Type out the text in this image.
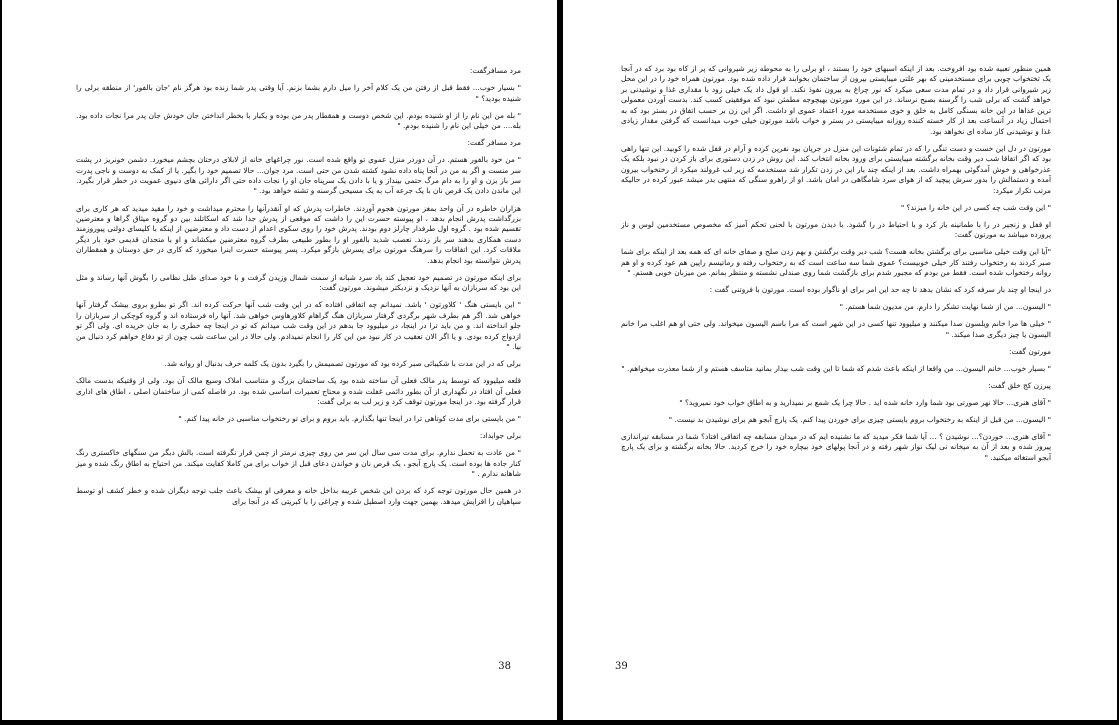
مرد مسافرگفت:

" بسیار خوب... فقط قبل از رفتن من یک کلام آخر را میل دارم بشما بزنم. آیا وقتی پدر شما زنده بود هرگز نام 'جان بالفور' از منطقه برلی را شنیده بودید؟ "

" بله من این نام را از او شنیده بودم. این شخص دوست و همقطار پدر من بوده و یکبار با بخطر انداختن جان خودش جان پدر مرا نجات داده بود. بله.... من خیلی این نام را شنیده بودم. "

مرد مسافر گفت:

" من خود بالفور هستم. در آن دوردر منزل عموی تو واقع شده است. نور چراغهای خانه از لابلای درختان بچشم میخورد. دشمن خونریز در پشت سر منست و اگر به من در آنجا پناه داده نشود کشته شدن من حتی است. مرد جوان... حالا تصمیم خود را بگیر. یا از کمک به دوست و ناجی پدرت سر باز بزن و او را به دام مرگ حتمی بینداز و یا با دادن یک سرپناه جان او را نجات داده حتی اگر دارائی های دنیوی عمویت در خطر قرار بگیرد. این ماندن دادن یک قرص نان با یک جرعه آب به یک مسیحی گرسنه و تشنه خواهد بود. "

هزاران خاطره در آن واحد بمغز مورتون هجوم آوردند. خاطرات پدرش که او آنقدرآنها را محترم میداشت و خود را مقید میدید که هر کاری برای بزرگداشت پدرش انجام بدهد ، او پیوسته حسرت این را داشت که موقعی از پدرش جدا شد که اسکاتلند بین دو گروه میثاق گراها و معترضین تقسیم شده بود . گروه اول طرفدار چارلز دوم بودند. پدرش خود را روی سکوی اعدام از دست داد و معترضین از اینکه با کلیسای دولتی پیوروزمند دست همکاری بدهند سر باز زدند. تعصب شدید بالفور او را بطور طبیعی بطرف گروه معترضین میکشاند و او با متحدان قدیمی خود بار دیگر ملاقات کرد. این اتفاقات را سرهنگ مورتون برای پسرش بازگو میکرد. پسر پیوسته حسرت اینرا میخورد که کاری در حق دوستان و همقطاران پدرش نتوانسته بود انجام بدهد.

برای اینکه مورتون در تصمیم خود تعجیل کند باد سرد شبانه از سمت شمال وزیدن گرفت و با خود صدای طبل نظامی را بگوش آنها رساند و مثل این بود که سربازان به آنها نزدیک و نزدیکتر میشوند. مورتون گفت:

" این بایستی هنگ ' کلاورتون ' باشد. نمیدانم چه اتفاقی افتاده که در این وقت شب آنها حرکت کرده اند. اگر تو بطرو بروی بیشک گرفتار آنها خواهی شد. اگر هم بطرف شهر برگردی گرفتار سربازان هنگ گراهام کلاورهاوس خواهی شد. آنها راه فرستاده اند و گروه کوچکی از سربازان را جلو انداخته اند. و من باید ترا در اینجا، در میلیوود جا بدهم در این وقت شب میدانم که تو در اینجا چه خطری را به جان خریده ای. ولی اگر تو ازدواج کرده بودی. و یا اگر الان تعقیب در کار نبود من این کار را انجام نمیدادم. ولی حالا در این ساعت شب چون از تو دفاع خواهم کرد دنبال من بیا. "

برلی که در این مدت با شکیبائی صبر کرده بود که مورتون تصمیمش را بگیرد بدون یک کلمه حرف بدنبال او روانه شد.

قلعه میلیوود که توسط پدر مالک فعلی آن ساخته شده بود یک ساختمان بزرگ و متناسب املاک وسیع مالک آن بود. ولی از وقتیکه بدست مالک فعلی آن افتاد در نگهداری از آن بطور دائمی غفلت شده و محتاج تعمیرات اساسی شده بود. در فاصله کمی از ساختمان اصلی ، اطاق های اداری قرار گرفته بود. در اینجا مورتون توقف کرد و زیر لب به برلی گفت:

" من بایستی برای مدت کوتاهی ترا در اینجا تنها بگذارم. باید بروم و برای تو رختخواب مناسبی در خانه پیدا کنم. "

برلی جوابداد:

" من عادت به تحمل ندارم. برای مدت سی سال این سر من روی چیزی نرمتر از چمن قرار نگرفته است. بالش دیگر من سنگهای خاکستری رنگ کنار جاده ها بوده است. یک پارچ آبجو ، یک قرص نان و خواندن دعای قبل از خواب برای من کاملا کفایت میکند. من احتیاج به اطاق رنگ شده و میز شاهانه ندارم . "

در همین حال مورتون توجه کرد که بردن این شخص غریبه بداخل خانه و معرفی او بیشک باعث جلب توجه دیگران شده و خطر کشف او توسط سپاهیان را افزایش میدهد. بهمین جهت وارد اصطبل شده و چراغی را با کبریتی که در آنجا برای

38

همین منظور تعبیه شده بود افروخت. بعد از اینکه اسبهای خود را بستند ، او برلی را به محوطه زیر شیروانی که پر از کاه بود برد که در آنجا یک تختخواب چوبی برای مستخدمینی که بهر علتی میبایستی بیرون از ساختمان بخوابند قرار داده شده بود. مورتون همراه خود را در این محل زیر شیروانی قرار داد و در تمام مدت سعی میکرد که نور چراغ به بیرون نفوذ نکند. او قول داد یک خیلی زود با مقداری غذا و نوشیدنی بر خواهد گشت که برلی شب را گرسنه بصبح نرساند. در این مورد مورتون بهیچوجه مطمئن نبود که موفقیتی کسب کند. بدست آوردن معمولی ترین غذاها در این خانه بسنگی کامل به خلق و خوی مستخدمه مورد اعتماد عموی او داشت. اگر این زن بر حسب اتفاق در بستر بود که به احتمال زیاد در آنساعت بعد از کار خسته کننده روزانه میبایستی در بستر و خواب باشد مورتون خیلی خوب میدانست که گرفتن مقدار زیادی غذا و نوشیدنی کار ساده ای نخواهد بود.

مورتون در دل این خست و دست تنگی را که در تمام شئونات این منزل در جریان بود نفرین کرده و آرام در قفل شده را کوبید. این تنها راهی بود که اگر اتفاقا شب دیر وقت بخانه برگشته میبایستی برای ورود بخانه انتخاب کند. این روش در زدن دستوری برای باز کردن در نبود بلکه یک عذرخواهی و خوش آمدگوئی بهمراه داشت. بعد از اینکه چند بار این در زدن تکرار شد مستخدمه که زیر لب غرولند میکرد از رختخواب بیرون آمده و دستمالش را بدور سرش پیچید که از هوای سرد شامگاهی در امان باشد. او از راهرو سنگی که منتهی بدر میشد عبور کرده در حالیکه مرتب تکرار میکرد:

" این وقت شب چه کسی در این خانه را میزند؟ "

او قفل و زنجیر در را با طمانینه باز کرد و با احتیاط در را گشود. با دیدن مورتون با لحنی تحکم آمیز که مخصوص مستخدمین لوس و ناز پرورده میباشد به مورتون گفت:

"آیا این وقت خیلی مناسبی برای برگشتن بخانه هست؟ شب دیر وقت برگشتن و بهم زدن صلح و صفای خانه ای که همه بعد از اینکه برای شما صبر کردند به رختخواب رفتند کار خیلی خوبیست؟ عموی شما سه ساعت است که به رختخواب رفته و رماتیسم راپین هم عود کرده و او هم روانه رختخواب شده است. فقط من بودم که مجبور شدم برای بازگشت شما روی صندلی نشسته و منتظر بمانم. من میزبان خوبی هستم. "

در اینجا او چند بار سرفه کرد که نشان بدهد تا چه حد این امر برای او ناگوار بوده است. مورتون با فروتنی گفت :

" الیسون... من از شما نهایت تشکر را دارم. من مدیون شما هستم. "

" خیلی ها مرا خانم ویلسون صدا میکنند و میلیوود تنها کسی در این شهر است که مرا باسم الیسون میخواند. ولی حتی او هم اغلب مرا خانم الیسون یا چیز دیگری صدا میکند. "

مورتون گفت:

" بسیار خوب... خانم الیسون... من واقعا از اینکه باعث شدم که شما تا این وقت شب بیدار بمانید متاسف هستم و از شما معذرت میخواهم. "

پیرزن کج خلق گفت:

" آقای هنری... حالا نهر صورتی بود شما وارد خانه شده اید . حالا چرا یک شمع بر نمیدارید و به اطاق خواب خود نمیروید؟ "

" الیسون... من قبل از اینکه به رختخواب بروم بایستی چیزی برای خوردن پیدا کنم. یک پارچ آبجو هم برای نوشیدن بد نیست. "

" آقای هنری... خوردن؟... نوشیدن ؟ ... آیا شما فکر میدید که ما نشنیده ایم که در میدان مسابقه چه اتفاقی افتاد؟ شما در مسابقه تیراندازی پیروز شده و بعد از آن به میخانه نی لیک نواز شهر رفته و در آنجا پولهای خود بیچاره خود را خرج کردید. حالا بخانه برگشته و برای یک پارچ آبجو استغاثه میکنید. "

39
